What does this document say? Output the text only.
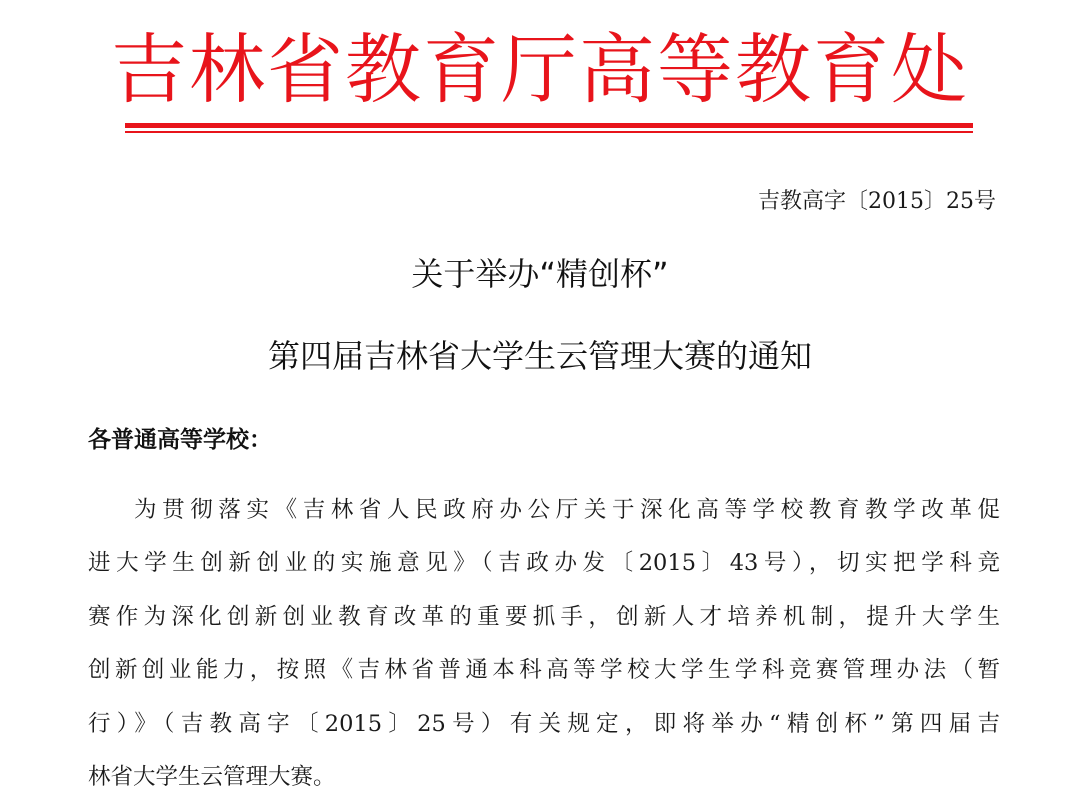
吉林省教育厅高等教育处
吉教高字〔2015〕25号
关于举办“精创杯”
第四届吉林省大学生云管理大赛的通知
各普通高等学校：
为贯彻落实《吉林省人民政府办公厅关于深化高等学校教育教学改革促
进大学生创新创业的实施意见》（吉政办发〔2015〕43号），切实把学科竞
赛作为深化创新创业教育改革的重要抓手，创新人才培养机制，提升大学生
创新创业能力，按照《吉林省普通本科高等学校大学生学科竞赛管理办法（暂
行）》（吉教高字〔2015〕25号）有关规定，即将举办“精创杯”第四届吉
林省大学生云管理大赛。
